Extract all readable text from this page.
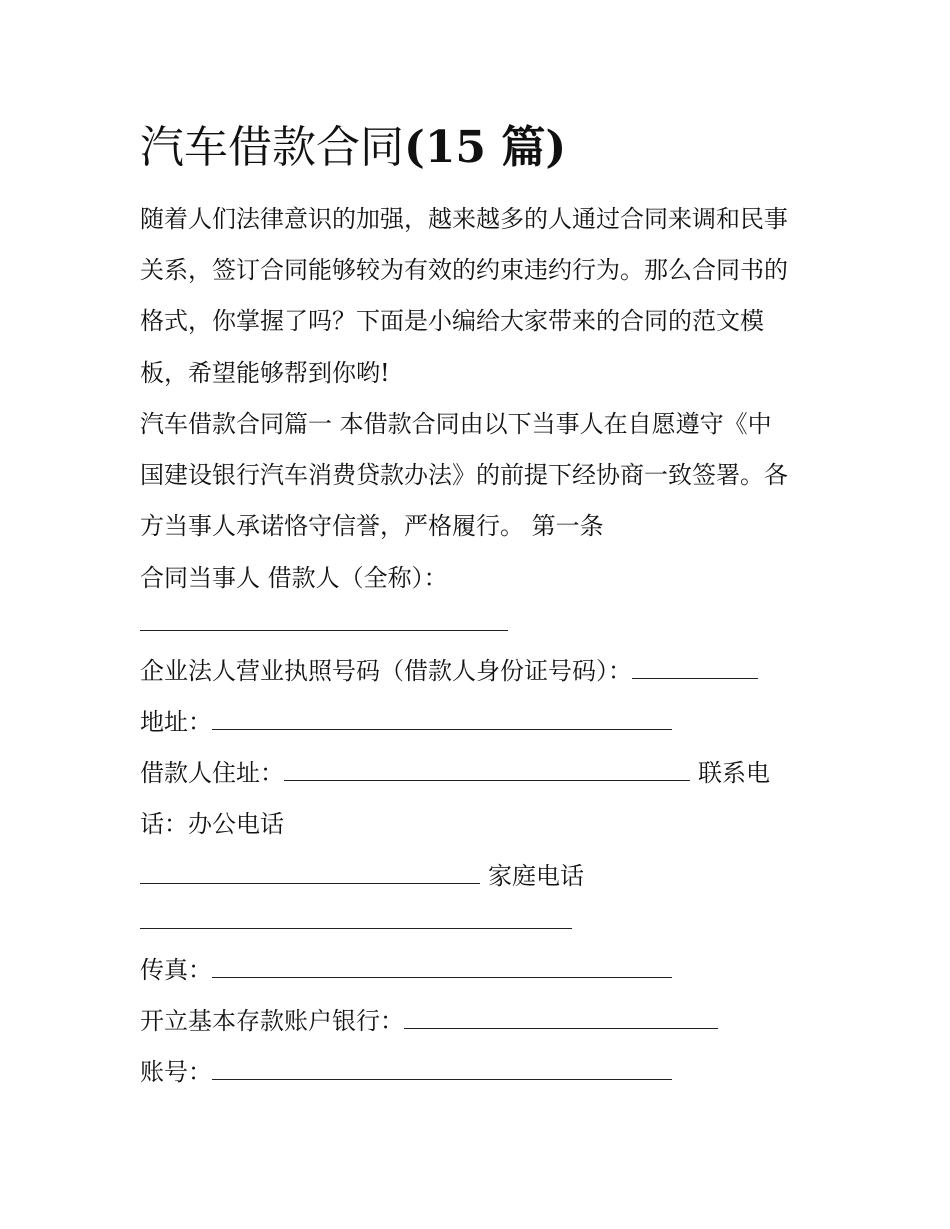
汽车借款合同(15 篇)

随着人们法律意识的加强，越来越多的人通过合同来调和民事

关系，签订合同能够较为有效的约束违约行为。那么合同书的

格式，你掌握了吗？下面是小编给大家带来的合同的范文模

板，希望能够帮到你哟!

汽车借款合同篇一 本借款合同由以下当事人在自愿遵守《中

国建设银行汽车消费贷款办法》的前提下经协商一致签署。各

方当事人承诺恪守信誉，严格履行。 第一条

合同当事人 借款人（全称）：

企业法人营业执照号码（借款人身份证号码）：

地址：

借款人住址：	联系电

话：办公电话

家庭电话

传真：

开立基本存款账户银行：

账号：
